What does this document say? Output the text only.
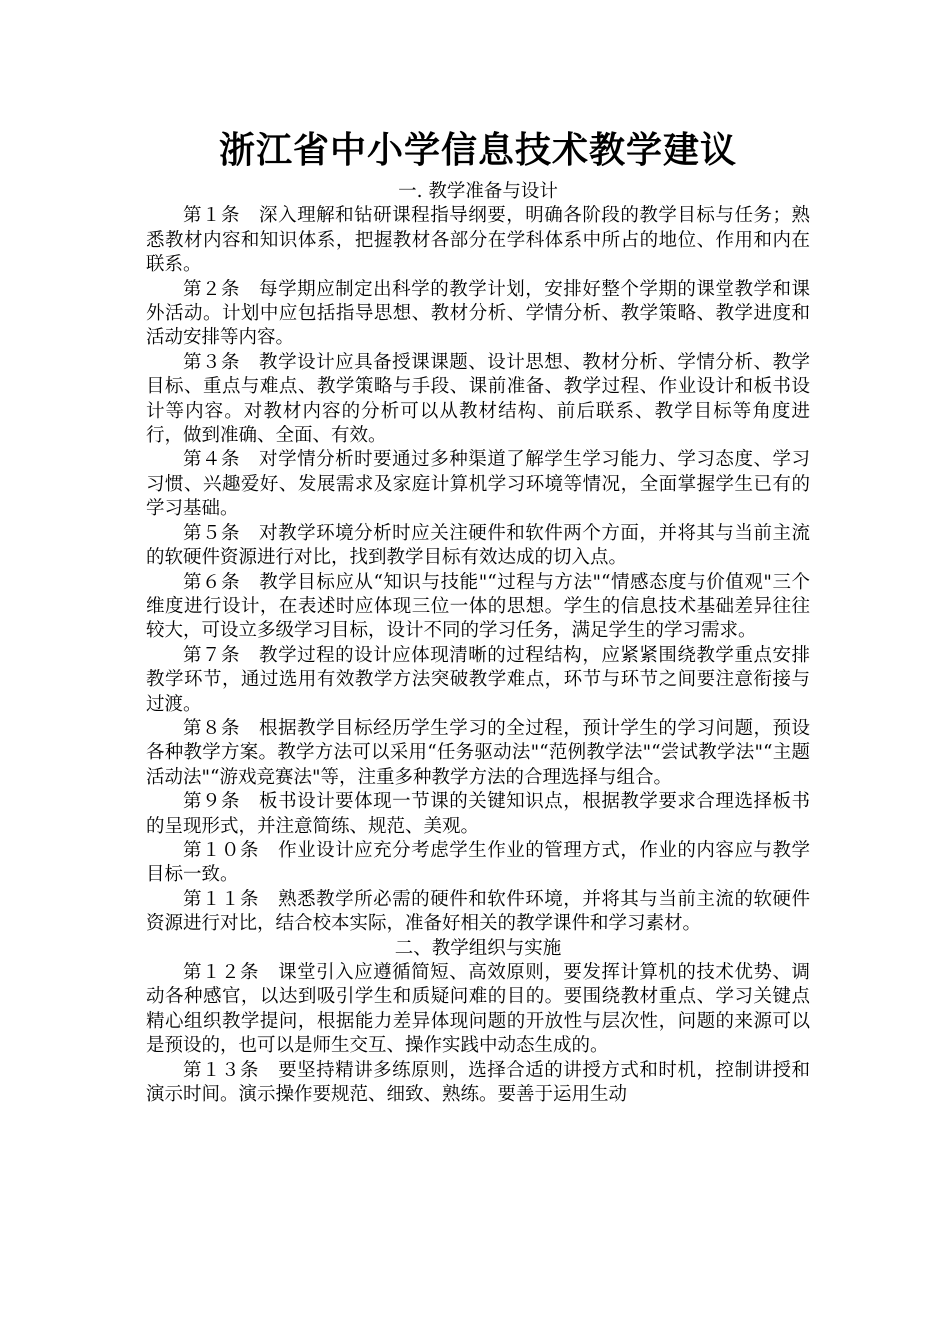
浙江省中小学信息技术教学建议

一. 教学准备与设计

第１条　深入理解和钻研课程指导纲要，明确各阶段的教学目标与任务；熟悉教材内容和知识体系，把握教材各部分在学科体系中所占的地位、作用和内在联系。

第２条　每学期应制定出科学的教学计划，安排好整个学期的课堂教学和课外活动。计划中应包括指导思想、教材分析、学情分析、教学策略、教学进度和活动安排等内容。

第３条　教学设计应具备授课课题、设计思想、教材分析、学情分析、教学目标、重点与难点、教学策略与手段、课前准备、教学过程、作业设计和板书设计等内容。对教材内容的分析可以从教材结构、前后联系、教学目标等角度进行，做到准确、全面、有效。

第４条　对学情分析时要通过多种渠道了解学生学习能力、学习态度、学习习惯、兴趣爱好、发展需求及家庭计算机学习环境等情况，全面掌握学生已有的学习基础。

第５条　对教学环境分析时应关注硬件和软件两个方面，并将其与当前主流的软硬件资源进行对比，找到教学目标有效达成的切入点。

第６条　教学目标应从“知识与技能"“过程与方法"“情感态度与价值观"三个维度进行设计，在表述时应体现三位一体的思想。学生的信息技术基础差异往往较大，可设立多级学习目标，设计不同的学习任务，满足学生的学习需求。

第７条　教学过程的设计应体现清晰的过程结构，应紧紧围绕教学重点安排教学环节，通过选用有效教学方法突破教学难点，环节与环节之间要注意衔接与过渡。

第８条　根据教学目标经历学生学习的全过程，预计学生的学习问题，预设各种教学方案。教学方法可以采用“任务驱动法"“范例教学法"“尝试教学法"“主题活动法"“游戏竞赛法"等，注重多种教学方法的合理选择与组合。

第９条　板书设计要体现一节课的关键知识点，根据教学要求合理选择板书的呈现形式，并注意简练、规范、美观。

第１０条　作业设计应充分考虑学生作业的管理方式，作业的内容应与教学目标一致。

第１１条　熟悉教学所必需的硬件和软件环境，并将其与当前主流的软硬件资源进行对比，结合校本实际，准备好相关的教学课件和学习素材。

二、教学组织与实施

第１２条　课堂引入应遵循简短、高效原则，要发挥计算机的技术优势、调动各种感官，以达到吸引学生和质疑问难的目的。要围绕教材重点、学习关键点精心组织教学提问，根据能力差异体现问题的开放性与层次性，问题的来源可以是预设的，也可以是师生交互、操作实践中动态生成的。

第１３条　要坚持精讲多练原则，选择合适的讲授方式和时机，控制讲授和演示时间。演示操作要规范、细致、熟练。要善于运用生动
